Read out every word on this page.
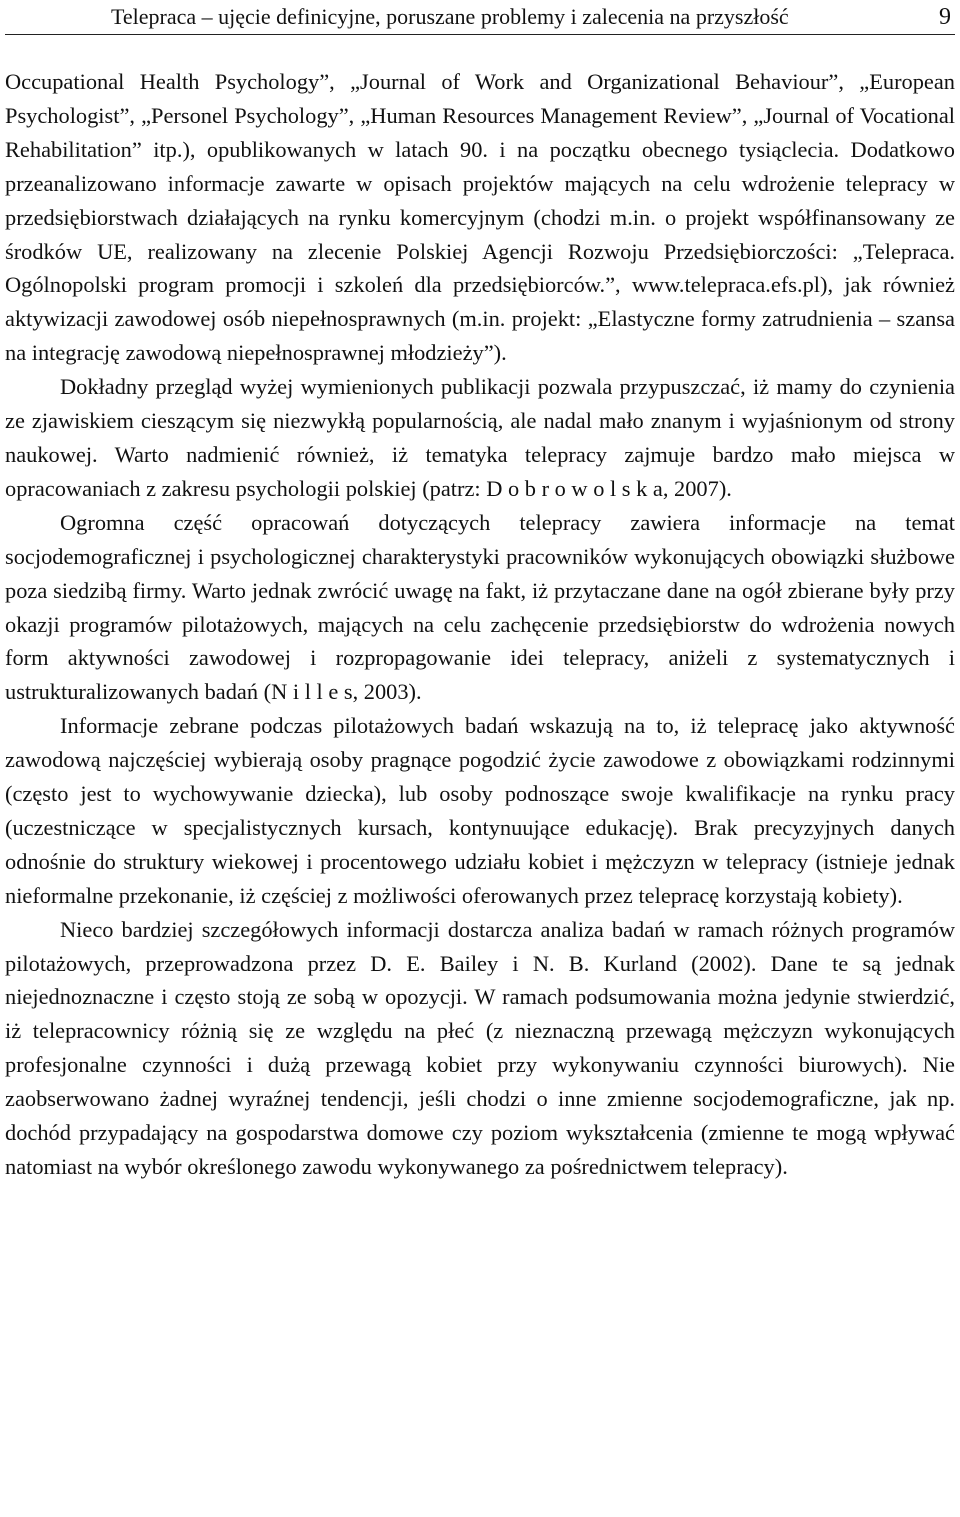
Telepraca – ujęcie definicyjne, poruszane problemy i zalecenia na przyszłość	9

Occupational Health Psychology”, „Journal of Work and Organizational Behaviour”, „European Psychologist”, „Personel Psychology”, „Human Resources Management Review”, „Journal of Vocational Rehabilitation” itp.), opublikowanych w latach 90. i na początku obecnego tysiąclecia. Dodatkowo przeanalizowano informacje zawarte w opisach projektów mających na celu wdrożenie telepracy w przedsiębiorstwach działających na rynku komercyjnym (chodzi m.in. o projekt współfinansowany ze środków UE, realizowany na zlecenie Polskiej Agencji Rozwoju Przedsiębiorczości: „Telepraca. Ogólnopolski program promocji i szkoleń dla przedsiębiorców.”, www.telepraca.efs.pl), jak również aktywizacji zawodowej osób niepełnosprawnych (m.in. projekt: „Elastyczne formy zatrudnienia – szansa na integrację zawodową niepełnosprawnej młodzieży”).

Dokładny przegląd wyżej wymienionych publikacji pozwala przypuszczać, iż mamy do czynienia ze zjawiskiem cieszącym się niezwykłą popularnością, ale nadal mało znanym i wyjaśnionym od strony naukowej. Warto nadmienić również, iż tematyka telepracy zajmuje bardzo mało miejsca w opracowaniach z zakresu psychologii polskiej (patrz: D o b r o w o l s k a, 2007).

Ogromna część opracowań dotyczących telepracy zawiera informacje na temat socjodemograficznej i psychologicznej charakterystyki pracowników wykonujących obowiązki służbowe poza siedzibą firmy. Warto jednak zwrócić uwagę na fakt, iż przytaczane dane na ogół zbierane były przy okazji programów pilotażowych, mających na celu zachęcenie przedsiębiorstw do wdrożenia nowych form aktywności zawodowej i rozpropagowanie idei telepracy, aniżeli z systematycznych i ustrukturalizowanych badań (N i l l e s, 2003).

Informacje zebrane podczas pilotażowych badań wskazują na to, iż telepracę jako aktywność zawodową najczęściej wybierają osoby pragnące pogodzić życie zawodowe z obowiązkami rodzinnymi (często jest to wychowywanie dziecka), lub osoby podnoszące swoje kwalifikacje na rynku pracy (uczestniczące w specjalistycznych kursach, kontynuujące edukację). Brak precyzyjnych danych odnośnie do struktury wiekowej i procentowego udziału kobiet i mężczyzn w telepracy (istnieje jednak nieformalne przekonanie, iż częściej z możliwości oferowanych przez telepracę korzystają kobiety).

Nieco bardziej szczegółowych informacji dostarcza analiza badań w ramach różnych programów pilotażowych, przeprowadzona przez D. E. Bailey i N. B. Kurland (2002). Dane te są jednak niejednoznaczne i często stoją ze sobą w opozycji. W ramach podsumowania można jedynie stwierdzić, iż telepracownicy różnią się ze względu na płeć (z nieznaczną przewagą mężczyzn wykonujących profesjonalne czynności i dużą przewagą kobiet przy wykonywaniu czynności biurowych). Nie zaobserwowano żadnej wyraźnej tendencji, jeśli chodzi o inne zmienne socjodemograficzne, jak np. dochód przypadający na gospodarstwa domowe czy poziom wykształcenia (zmienne te mogą wpływać natomiast na wybór określonego zawodu wykonywanego za pośrednictwem telepracy).
